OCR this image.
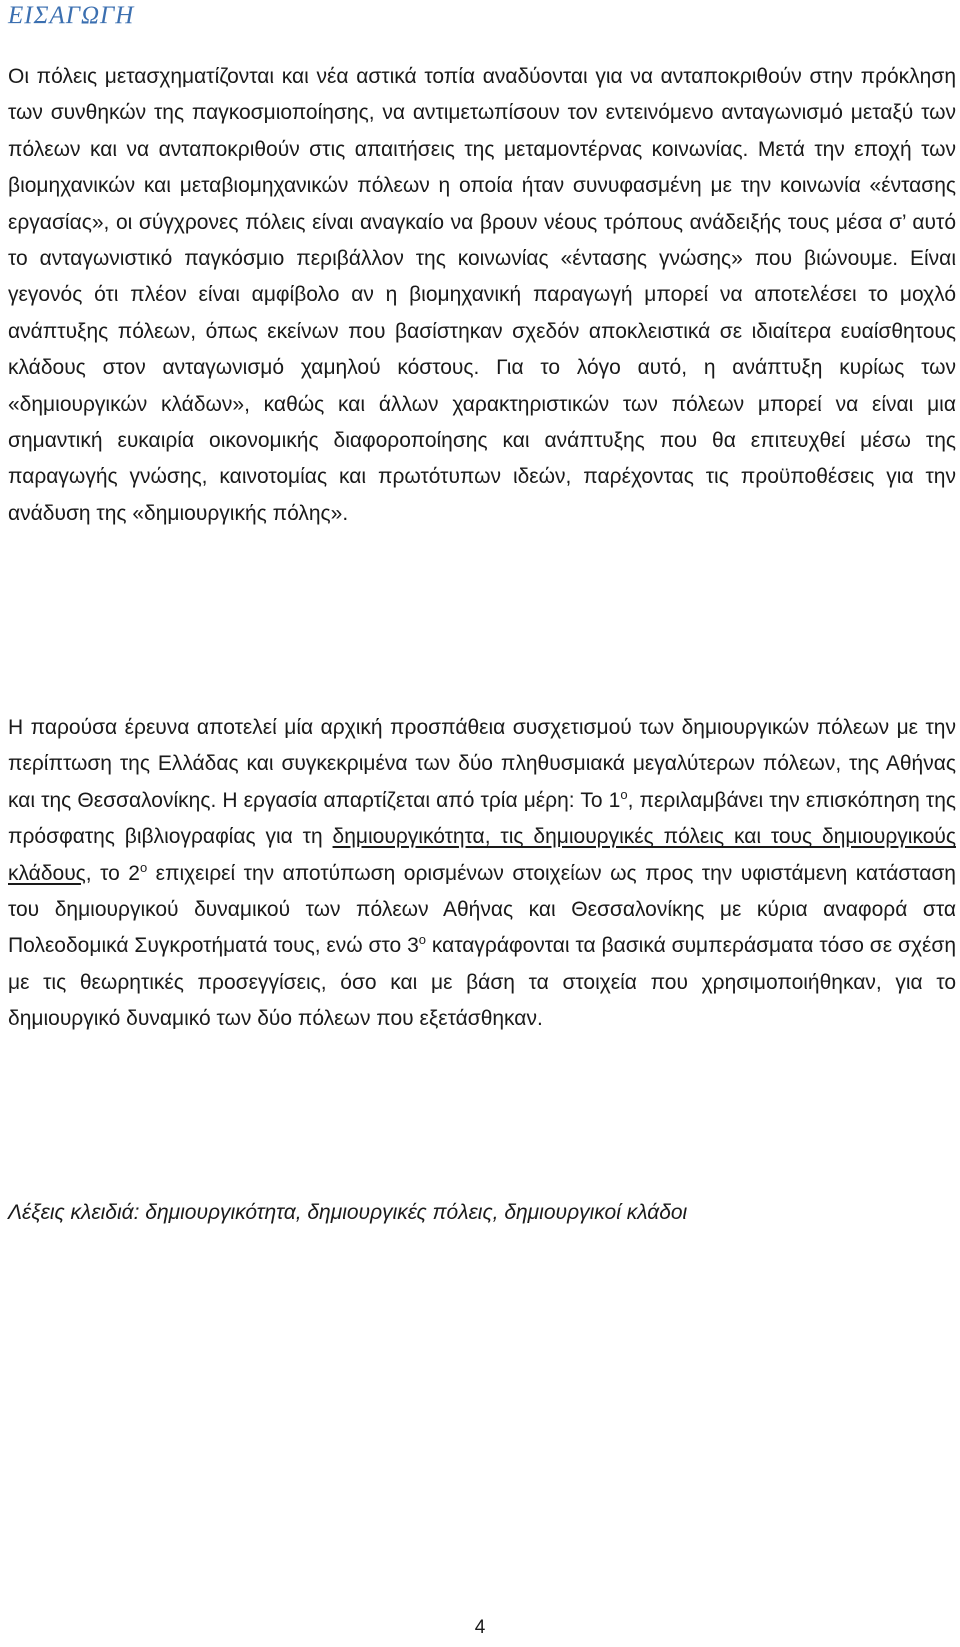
ΕΙΣΑΓΩΓΗ

Οι πόλεις μετασχηματίζονται και νέα αστικά τοπία αναδύονται για να ανταποκριθούν στην πρόκληση των συνθηκών της παγκοσμιοποίησης, να αντιμετωπίσουν τον εντεινόμενο ανταγωνισμό μεταξύ των πόλεων και να ανταποκριθούν στις απαιτήσεις της μεταμοντέρνας κοινωνίας. Μετά την εποχή των βιομηχανικών και μεταβιομηχανικών πόλεων η οποία ήταν συνυφασμένη με την κοινωνία «έντασης εργασίας», οι σύγχρονες πόλεις είναι αναγκαίο να βρουν νέους τρόπους ανάδειξής τους μέσα σ’ αυτό το ανταγωνιστικό παγκόσμιο περιβάλλον της κοινωνίας «έντασης γνώσης» που βιώνουμε. Είναι γεγονός ότι πλέον είναι αμφίβολο αν η βιομηχανική παραγωγή μπορεί να αποτελέσει το μοχλό ανάπτυξης πόλεων, όπως εκείνων που βασίστηκαν σχεδόν αποκλειστικά σε ιδιαίτερα ευαίσθητους κλάδους στον ανταγωνισμό χαμηλού κόστους. Για το λόγο αυτό, η ανάπτυξη κυρίως των «δημιουργικών κλάδων», καθώς και άλλων χαρακτηριστικών των πόλεων μπορεί να είναι μια σημαντική ευκαιρία οικονομικής διαφοροποίησης και ανάπτυξης που θα επιτευχθεί μέσω της παραγωγής γνώσης, καινοτομίας και πρωτότυπων ιδεών, παρέχοντας τις προϋποθέσεις για την ανάδυση της «δημιουργικής πόλης».

Η παρούσα έρευνα αποτελεί μία αρχική προσπάθεια συσχετισμού των δημιουργικών πόλεων με την περίπτωση της Ελλάδας και συγκεκριμένα των δύο πληθυσμιακά μεγαλύτερων πόλεων, της Αθήνας και της Θεσσαλονίκης. Η εργασία απαρτίζεται από τρία μέρη: Το $1^o$, περιλαμβάνει την επισκόπηση της πρόσφατης βιβλιογραφίας για τη δημιουργικότητα, τις δημιουργικές πόλεις και τους δημιουργικούς κλάδους, το $2^o$ επιχειρεί την αποτύπωση ορισμένων στοιχείων ως προς την υφιστάμενη κατάσταση του δημιουργικού δυναμικού των πόλεων Αθήνας και Θεσσαλονίκης με κύρια αναφορά στα Πολεοδομικά Συγκροτήματά τους, ενώ στο $3^o$ καταγράφονται τα βασικά συμπεράσματα τόσο σε σχέση με τις θεωρητικές προσεγγίσεις, όσο και με βάση τα στοιχεία που χρησιμοποιήθηκαν, για το δημιουργικό δυναμικό των δύο πόλεων που εξετάσθηκαν.

Λέξεις κλειδιά: δημιουργικότητα, δημιουργικές πόλεις, δημιουργικοί κλάδοι

4
